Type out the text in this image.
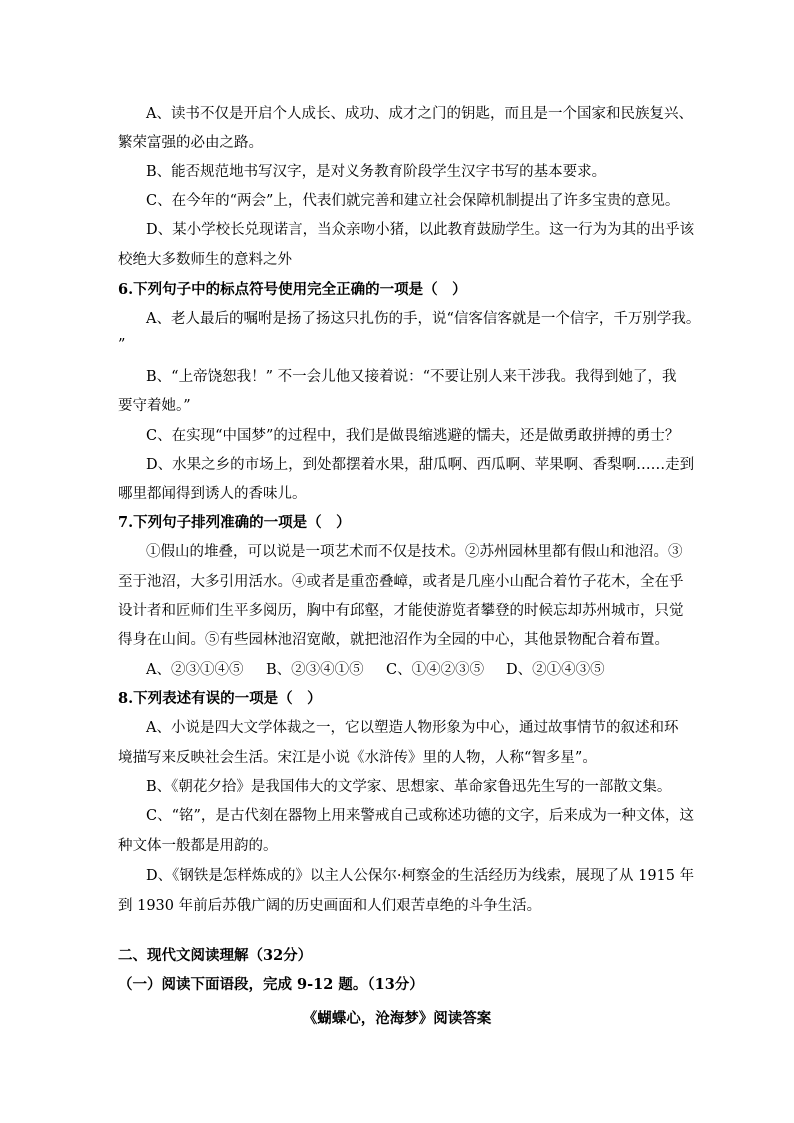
A、读书不仅是开启个人成长、成功、成才之门的钥匙，而且是一个国家和民族复兴、
繁荣富强的必由之路。
B、能否规范地书写汉字，是对义务教育阶段学生汉字书写的基本要求。
C、在今年的“两会”上，代表们就完善和建立社会保障机制提出了许多宝贵的意见。
D、某小学校长兑现诺言，当众亲吻小猪，以此教育鼓励学生。这一行为为其的出乎该
校绝大多数师生的意料之外
6.下列句子中的标点符号使用完全正确的一项是（　）
A、老人最后的嘱咐是扬了扬这只扎伤的手，说“信客信客就是一个信字，千万别学我。
”
B、“上帝饶恕我！” 不一会儿他又接着说：“不要让别人来干涉我。我得到她了，我
要守着她。”
C、在实现“中国梦”的过程中，我们是做畏缩逃避的懦夫，还是做勇敢拼搏的勇士？
D、水果之乡的市场上，到处都摆着水果，甜瓜啊、西瓜啊、苹果啊、香梨啊……走到
哪里都闻得到诱人的香味儿。
7.下列句子排列准确的一项是（　）
①假山的堆叠，可以说是一项艺术而不仅是技术。②苏州园林里都有假山和池沼。③
至于池沼，大多引用活水。④或者是重峦叠嶂，或者是几座小山配合着竹子花木，全在乎
设计者和匠师们生平多阅历，胸中有邱壑，才能使游览者攀登的时候忘却苏州城市，只觉
得身在山间。⑤有些园林池沼宽敞，就把池沼作为全园的中心，其他景物配合着布置。
A、②③①④⑤ B、②③④①⑤ C、①④②③⑤ D、②①④③⑤
8.下列表述有误的一项是（　）
A、小说是四大文学体裁之一，它以塑造人物形象为中心，通过故事情节的叙述和环
境描写来反映社会生活。宋江是小说《水浒传》里的人物，人称“智多星”。
B、《朝花夕拾》是我国伟大的文学家、思想家、革命家鲁迅先生写的一部散文集。
C、“铭”，是古代刻在器物上用来警戒自己或称述功德的文字，后来成为一种文体，这
种文体一般都是用韵的。
D、《钢铁是怎样炼成的》以主人公保尔·柯察金的生活经历为线索，展现了从 1915 年
到 1930 年前后苏俄广阔的历史画面和人们艰苦卓绝的斗争生活。
二、现代文阅读理解（32分）
（一）阅读下面语段，完成 9-12 题。（13分）
《蝴蝶心，沧海梦》阅读答案
